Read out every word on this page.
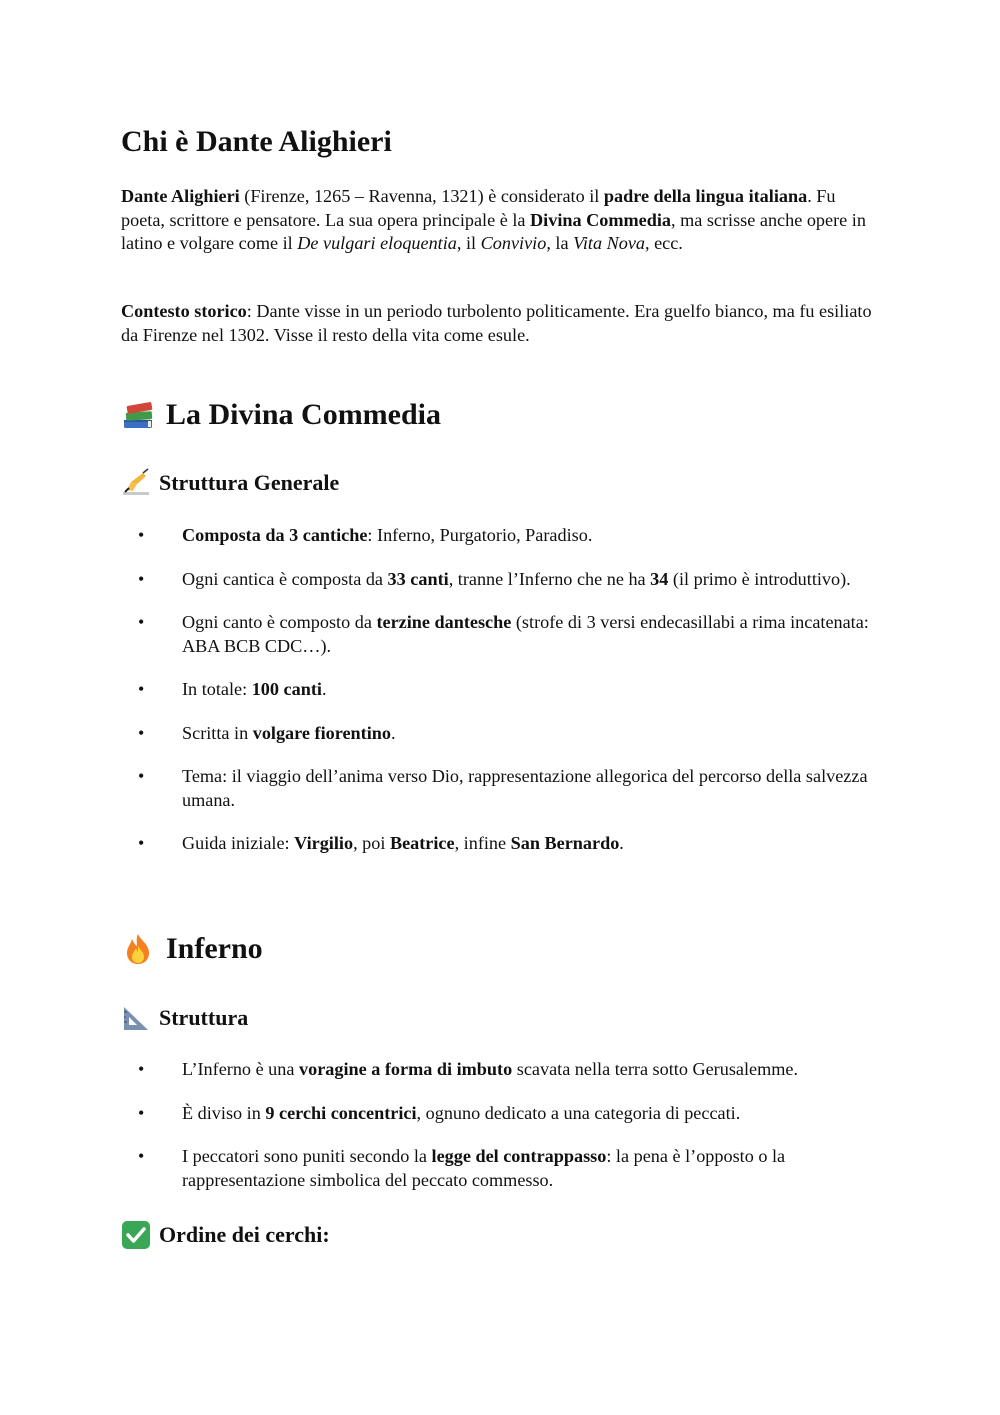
Chi è Dante Alighieri

Dante Alighieri (Firenze, 1265 – Ravenna, 1321) è considerato il padre della lingua italiana. Fu poeta, scrittore e pensatore. La sua opera principale è la Divina Commedia, ma scrisse anche opere in latino e volgare come il De vulgari eloquentia, il Convivio, la Vita Nova, ecc.

Contesto storico: Dante visse in un periodo turbolento politicamente. Era guelfo bianco, ma fu esiliato da Firenze nel 1302. Visse il resto della vita come esule.

La Divina Commedia
Struttura Generale
• Composta da 3 cantiche: Inferno, Purgatorio, Paradiso.
• Ogni cantica è composta da 33 canti, tranne l’Inferno che ne ha 34 (il primo è introduttivo).
• Ogni canto è composto da terzine dantesche (strofe di 3 versi endecasillabi a rima incatenata: ABA BCB CDC…).
• In totale: 100 canti.
• Scritta in volgare fiorentino.
• Tema: il viaggio dell’anima verso Dio, rappresentazione allegorica del percorso della salvezza umana.
• Guida iniziale: Virgilio, poi Beatrice, infine San Bernardo.
Inferno
Struttura
• L’Inferno è una voragine a forma di imbuto scavata nella terra sotto Gerusalemme.
• È diviso in 9 cerchi concentrici, ognuno dedicato a una categoria di peccati.
• I peccatori sono puniti secondo la legge del contrappasso: la pena è l’opposto o la rappresentazione simbolica del peccato commesso.
Ordine dei cerchi:
